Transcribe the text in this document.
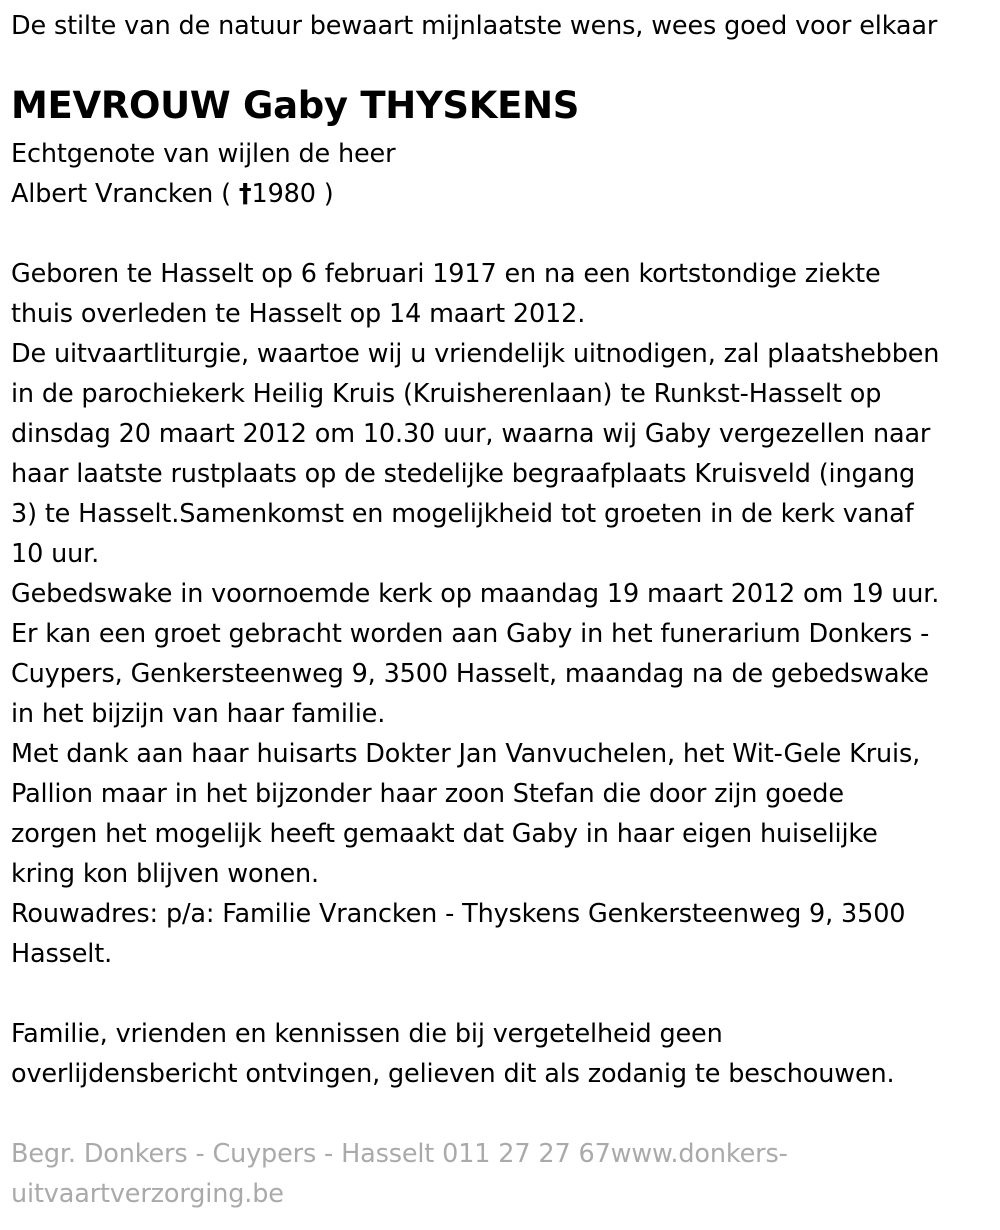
De stilte van de natuur bewaart mijnlaatste wens, wees goed voor elkaar

MEVROUW Gaby THYSKENS

Echtgenote van wijlen de heer

Albert Vrancken ( †1980 )

Geboren te Hasselt op 6 februari 1917 en na een kortstondige ziekte

thuis overleden te Hasselt op 14 maart 2012.

De uitvaartliturgie, waartoe wij u vriendelijk uitnodigen, zal plaatshebben

in de parochiekerk Heilig Kruis (Kruisherenlaan) te Runkst-Hasselt op

dinsdag 20 maart 2012 om 10.30 uur, waarna wij Gaby vergezellen naar

haar laatste rustplaats op de stedelijke begraafplaats Kruisveld (ingang

3) te Hasselt.Samenkomst en mogelijkheid tot groeten in de kerk vanaf

10 uur.

Gebedswake in voornoemde kerk op maandag 19 maart 2012 om 19 uur.

Er kan een groet gebracht worden aan Gaby in het funerarium Donkers -

Cuypers, Genkersteenweg 9, 3500 Hasselt, maandag na de gebedswake

in het bijzijn van haar familie.

Met dank aan haar huisarts Dokter Jan Vanvuchelen, het Wit-Gele Kruis,

Pallion maar in het bijzonder haar zoon Stefan die door zijn goede

zorgen het mogelijk heeft gemaakt dat Gaby in haar eigen huiselijke

kring kon blijven wonen.

Rouwadres: p/a: Familie Vrancken - Thyskens Genkersteenweg 9, 3500

Hasselt.

Familie, vrienden en kennissen die bij vergetelheid geen

overlijdensbericht ontvingen, gelieven dit als zodanig te beschouwen.

Begr. Donkers - Cuypers - Hasselt 011 27 27 67www.donkers-

uitvaartverzorging.be
